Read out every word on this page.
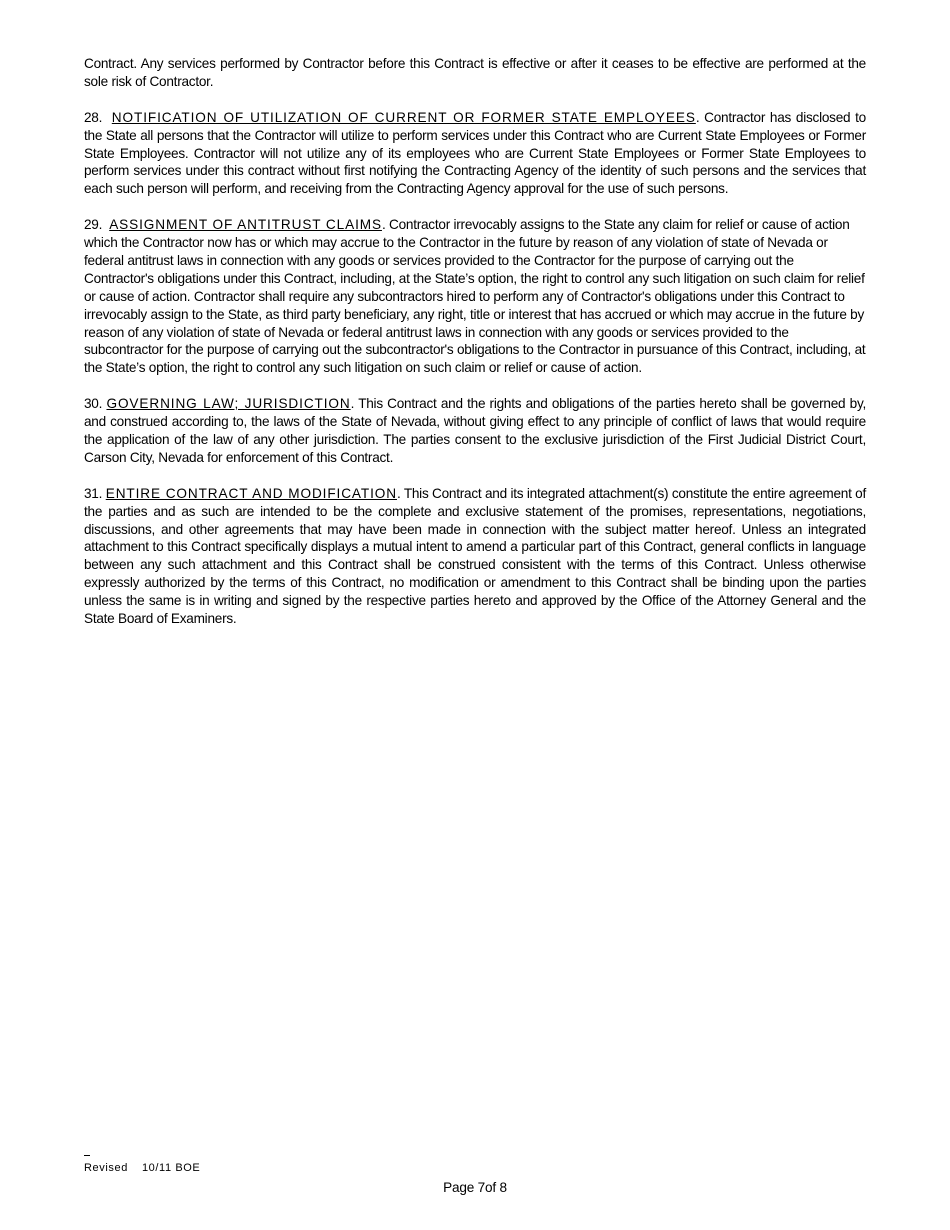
Contract. Any services performed by Contractor before this Contract is effective or after it ceases to be effective are performed at the sole risk of Contractor.

28. NOTIFICATION OF UTILIZATION OF CURRENT OR FORMER STATE EMPLOYEES. Contractor has disclosed to the State all persons that the Contractor will utilize to perform services under this Contract who are Current State Employees or Former State Employees. Contractor will not utilize any of its employees who are Current State Employees or Former State Employees to perform services under this contract without first notifying the Contracting Agency of the identity of such persons and the services that each such person will perform, and receiving from the Contracting Agency approval for the use of such persons.

29. ASSIGNMENT OF ANTITRUST CLAIMS. Contractor irrevocably assigns to the State any claim for relief or cause of action which the Contractor now has or which may accrue to the Contractor in the future by reason of any violation of state of Nevada or federal antitrust laws in connection with any goods or services provided to the Contractor for the purpose of carrying out the Contractor's obligations under this Contract, including, at the State’s option, the right to control any such litigation on such claim for relief or cause of action. Contractor shall require any subcontractors hired to perform any of Contractor's obligations under this Contract to irrevocably assign to the State, as third party beneficiary, any right, title or interest that has accrued or which may accrue in the future by reason of any violation of state of Nevada or federal antitrust laws in connection with any goods or services provided to the subcontractor for the purpose of carrying out the subcontractor's obligations to the Contractor in pursuance of this Contract, including, at the State’s option, the right to control any such litigation on such claim or relief or cause of action.

30. GOVERNING LAW; JURISDICTION. This Contract and the rights and obligations of the parties hereto shall be governed by, and construed according to, the laws of the State of Nevada, without giving effect to any principle of conflict of laws that would require the application of the law of any other jurisdiction. The parties consent to the exclusive jurisdiction of the First Judicial District Court, Carson City, Nevada for enforcement of this Contract.

31. ENTIRE CONTRACT AND MODIFICATION. This Contract and its integrated attachment(s) constitute the entire agreement of the parties and as such are intended to be the complete and exclusive statement of the promises, representations, negotiations, discussions, and other agreements that may have been made in connection with the subject matter hereof. Unless an integrated attachment to this Contract specifically displays a mutual intent to amend a particular part of this Contract, general conflicts in language between any such attachment and this Contract shall be construed consistent with the terms of this Contract. Unless otherwise expressly authorized by the terms of this Contract, no modification or amendment to this Contract shall be binding upon the parties unless the same is in writing and signed by the respective parties hereto and approved by the Office of the Attorney General and the State Board of Examiners.

Revised 10/11 BOE
Page 7of 8
